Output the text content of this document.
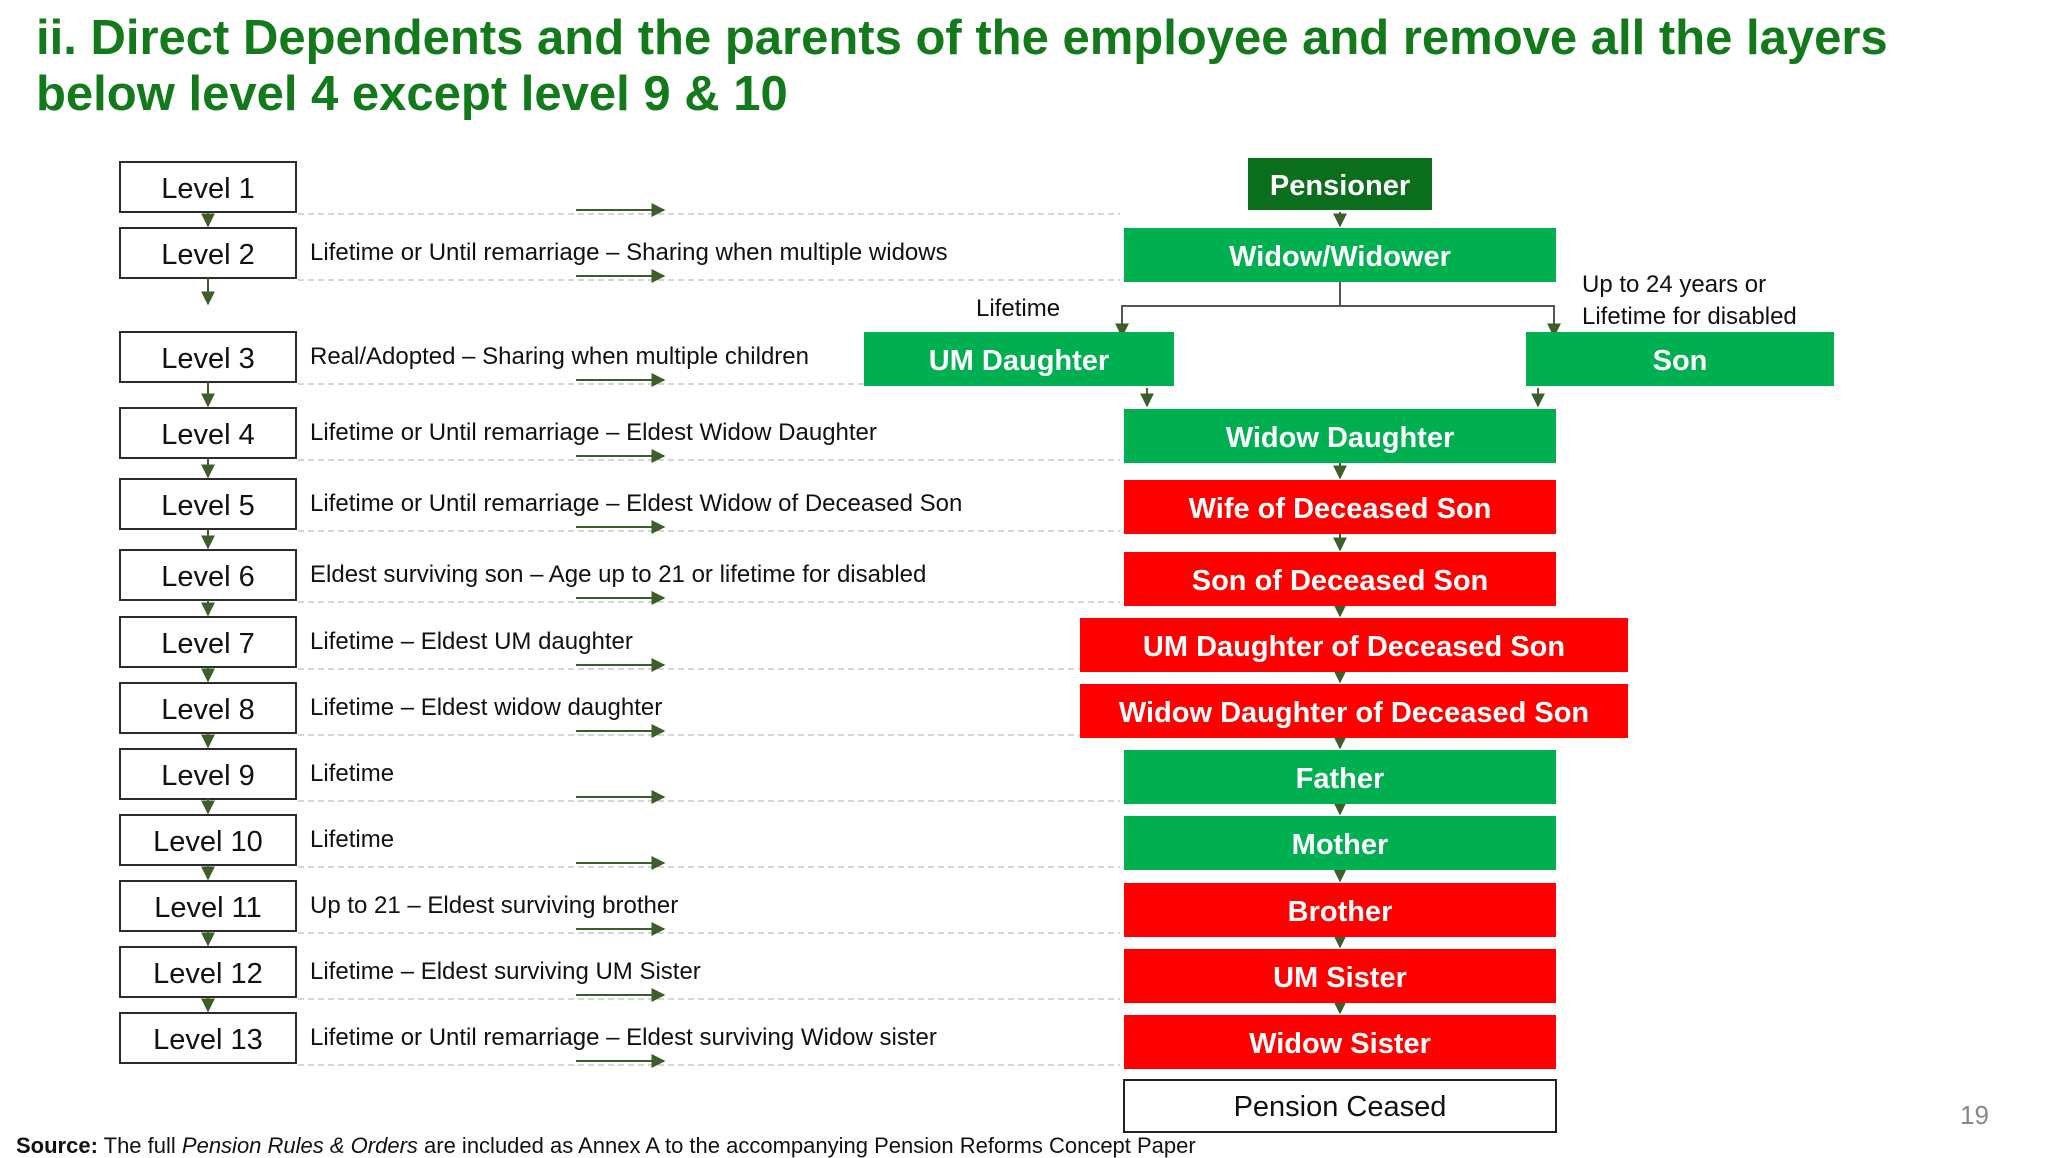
ii. Direct Dependents and the parents of the employee and remove all the layers below level 4 except level 9 & 10
Level 1
Level 2 Lifetime or Until remarriage – Sharing when multiple widows
Level 3 Real/Adopted – Sharing when multiple children
Level 4 Lifetime or Until remarriage – Eldest Widow Daughter
Level 5 Lifetime or Until remarriage – Eldest Widow of Deceased Son
Level 6 Eldest surviving son – Age up to 21 or lifetime for disabled
Level 7 Lifetime – Eldest UM daughter
Level 8 Lifetime – Eldest widow daughter
Level 9 Lifetime
Level 10 Lifetime
Level 11 Up to 21 – Eldest surviving brother
Level 12 Lifetime – Eldest surviving UM Sister
Level 13 Lifetime or Until remarriage – Eldest surviving Widow sister
Pensioner
Widow/Widower
UM Daughter	Son
Widow Daughter
Wife of Deceased Son
Son of Deceased Son
UM Daughter of Deceased Son
Widow Daughter of Deceased Son
Father
Mother
Brother
UM Sister
Widow Sister
Pension Ceased
Lifetime
Up to 24 years or
Lifetime for disabled
19
Source: The full Pension Rules & Orders are included as Annex A to the accompanying Pension Reforms Concept Paper
